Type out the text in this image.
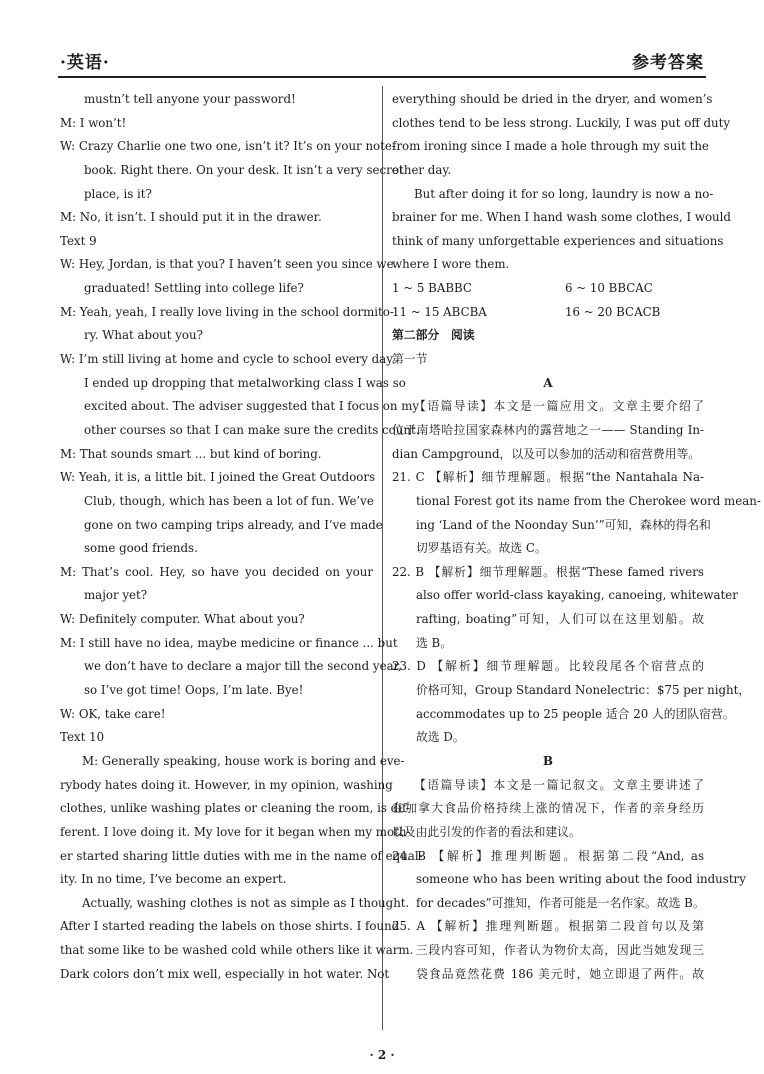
·英语·	参考答案
mustn’t tell anyone your password!
M: I won’t!
W: Crazy Charlie one two one, isn’t it? It’s on your note-
book. Right there. On your desk. It isn’t a very secret
place, is it?
M: No, it isn’t. I should put it in the drawer.
Text 9
W: Hey, Jordan, is that you? I haven’t seen you since we
graduated! Settling into college life?
M: Yeah, yeah, I really love living in the school dormito-
ry. What about you?
W: I’m still living at home and cycle to school every day.
I ended up dropping that metalworking class I was so
excited about. The adviser suggested that I focus on my
other courses so that I can make sure the credits count.
M: That sounds smart ... but kind of boring.
W: Yeah, it is, a little bit. I joined the Great Outdoors
Club, though, which has been a lot of fun. We’ve
gone on two camping trips already, and I’ve made
some good friends.
M: That’s cool. Hey, so have you decided on your
major yet?
W: Definitely computer. What about you?
M: I still have no idea, maybe medicine or finance ... but
we don’t have to declare a major till the second year,
so I’ve got time! Oops, I’m late. Bye!
W: OK, take care!
Text 10
M: Generally speaking, house work is boring and eve-
rybody hates doing it. However, in my opinion, washing
clothes, unlike washing plates or cleaning the room, is dif-
ferent. I love doing it. My love for it began when my moth-
er started sharing little duties with me in the name of equal-
ity. In no time, I’ve become an expert.
Actually, washing clothes is not as simple as I thought.
After I started reading the labels on those shirts. I found
that some like to be washed cold while others like it warm.
Dark colors don’t mix well, especially in hot water. Not
everything should be dried in the dryer, and women’s
clothes tend to be less strong. Luckily, I was put off duty
from ironing since I made a hole through my suit the
other day.
But after doing it for so long, laundry is now a no-
brainer for me. When I hand wash some clothes, I would
think of many unforgettable experiences and situations
where I wore them.
1 ~ 5 BABBC	6 ~ 10 BBCAC
11 ~ 15 ABCBA	16 ~ 20 BCACB
第二部分　阅读
第一节
A
【语篇导读】本文是一篇应用文。文章主要介绍了
位于南塔哈拉国家森林内的露营地之一—— Standing In-
dian Campground，以及可以参加的活动和宿营费用等。
21. C 【解析】细节理解题。根据“the Nantahala Na-
tional Forest got its name from the Cherokee word mean-
ing ‘Land of the Noonday Sun’”可知，森林的得名和
切罗基语有关。故选 C。
22. B 【解析】细节理解题。根据“These famed rivers
also offer world-class kayaking, canoeing, whitewater
rafting, boating”可知，人们可以在这里划船。故
选 B。
23. D 【解析】细节理解题。比较段尾各个宿营点的
价格可知，Group Standard Nonelectric：$75 per night，
accommodates up to 25 people 适合 20 人的团队宿营。
故选 D。
B
【语篇导读】本文是一篇记叙文。文章主要讲述了
在加拿大食品价格持续上涨的情况下，作者的亲身经历
以及由此引发的作者的看法和建议。
24. B 【解析】推理判断题。根据第二段“And, as
someone who has been writing about the food industry
for decades”可推知，作者可能是一名作家。故选 B。
25. A 【解析】推理判断题。根据第二段首句以及第
三段内容可知，作者认为物价太高，因此当她发现三
袋食品竟然花费 186 美元时，她立即退了两件。故
· 2 ·
